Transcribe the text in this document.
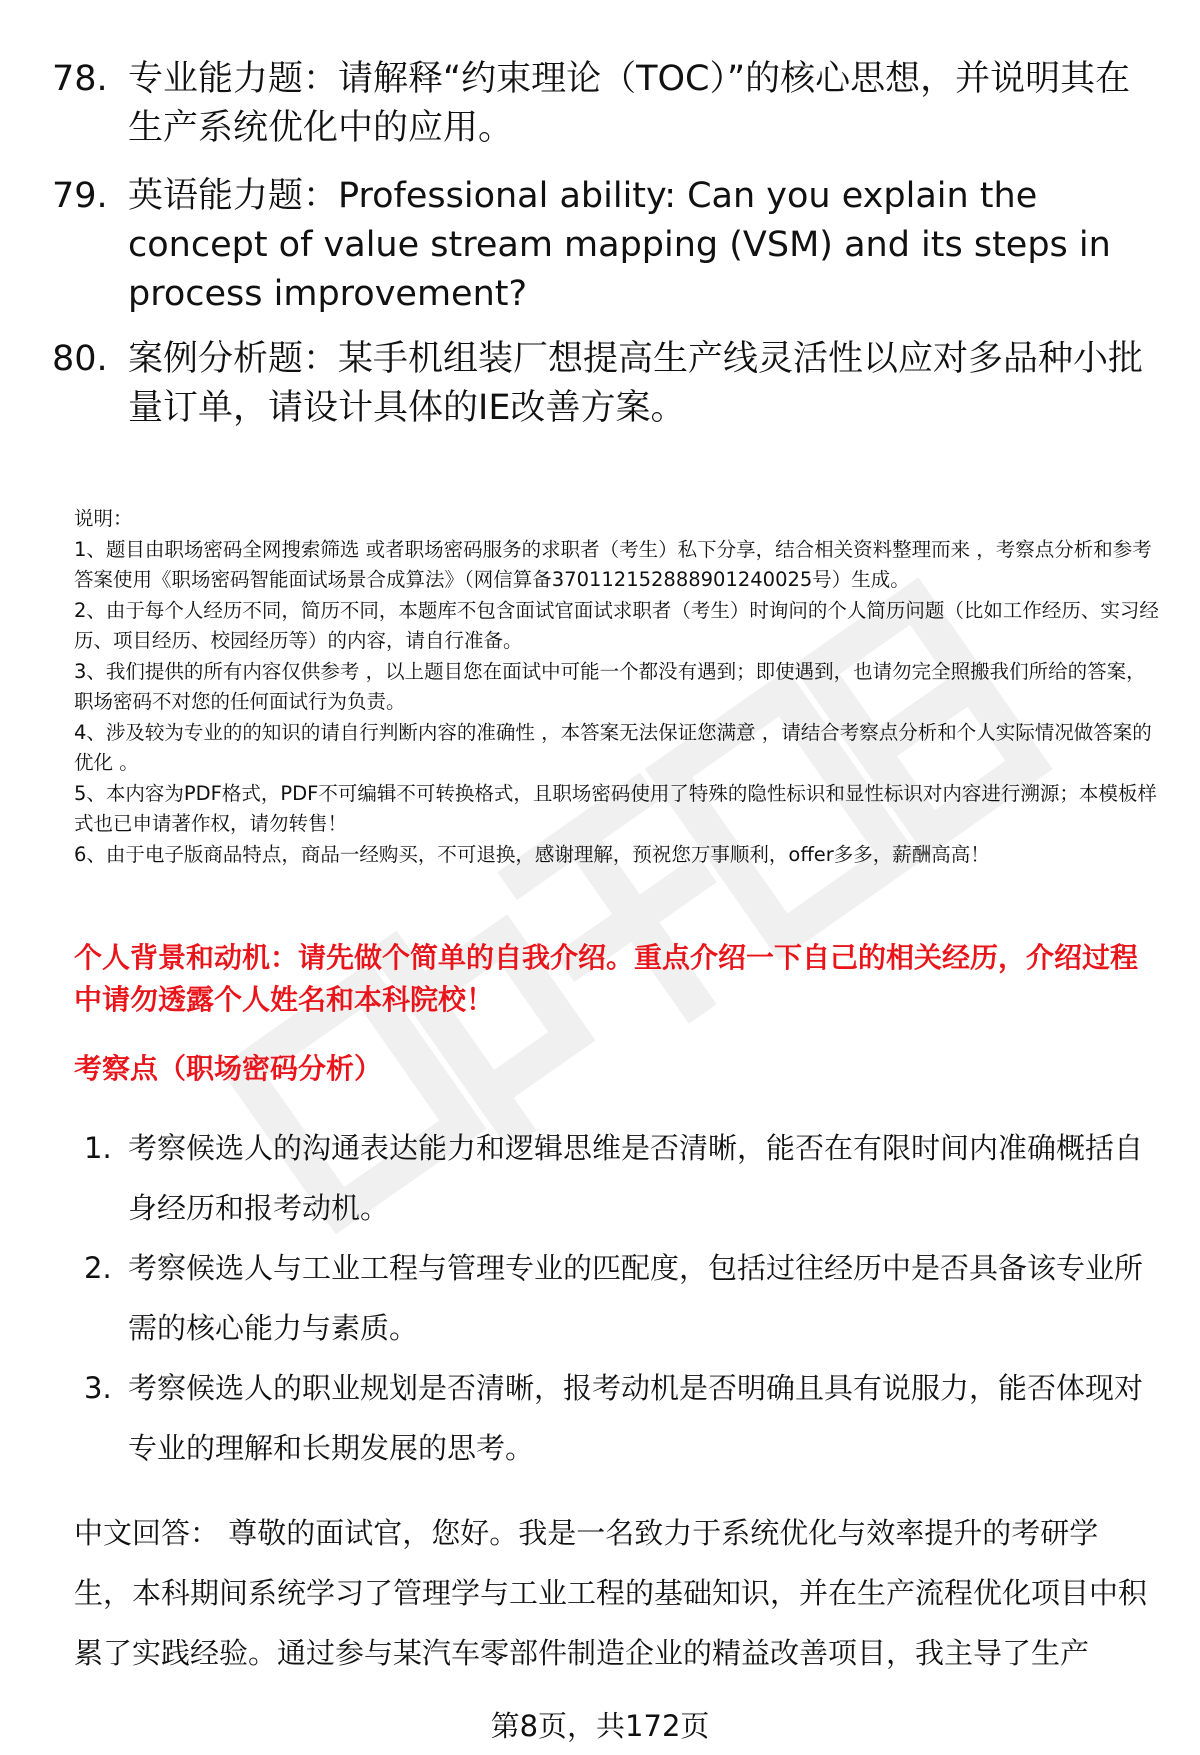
78. 专业能力题：请解释“约束理论（TOC）”的核心思想，并说明其在生产系统优化中的应用。
79. 英语能力题：Professional ability: Can you explain the concept of value stream mapping (VSM) and its steps in process improvement?
80. 案例分析题：某手机组装厂想提高生产线灵活性以应对多品种小批量订单，请设计具体的IE改善方案。

说明：

1、题目由职场密码全网搜索筛选 或者职场密码服务的求职者（考生）私下分享，结合相关资料整理而来 ，考察点分析和参考答案使用《职场密码智能面试场景合成算法》（网信算备370112152888901240025号）生成。

2、由于每个人经历不同，简历不同，本题库不包含面试官面试求职者（考生）时询问的个人简历问题（比如工作经历、实习经历、项目经历、校园经历等）的内容，请自行准备。

3、我们提供的所有内容仅供参考 ，以上题目您在面试中可能一个都没有遇到；即使遇到，也请勿完全照搬我们所给的答案，职场密码不对您的任何面试行为负责。

4、涉及较为专业的的知识的请自行判断内容的准确性 ，本答案无法保证您满意 ，请结合考察点分析和个人实际情况做答案的优化 。

5、本内容为PDF格式，PDF不可编辑不可转换格式，且职场密码使用了特殊的隐性标识和显性标识对内容进行溯源；本模板样式也已申请著作权，请勿转售！

6、由于电子版商品特点，商品一经购买，不可退换，感谢理解，预祝您万事顺利，offer多多，薪酬高高！

个人背景和动机：请先做个简单的自我介绍。重点介绍一下自己的相关经历，介绍过程中请勿透露个人姓名和本科院校！
考察点（职场密码分析）
1. 考察候选人的沟通表达能力和逻辑思维是否清晰，能否在有限时间内准确概括自身经历和报考动机。
2. 考察候选人与工业工程与管理专业的匹配度，包括过往经历中是否具备该专业所需的核心能力与素质。
3. 考察候选人的职业规划是否清晰，报考动机是否明确且具有说服力，能否体现对专业的理解和长期发展的思考。
中文回答： 尊敬的面试官，您好。我是一名致力于系统优化与效率提升的考研学生，本科期间系统学习了管理学与工业工程的基础知识，并在生产流程优化项目中积累了实践经验。通过参与某汽车零部件制造企业的精益改善项目，我主导了生产
第8页，共172页
